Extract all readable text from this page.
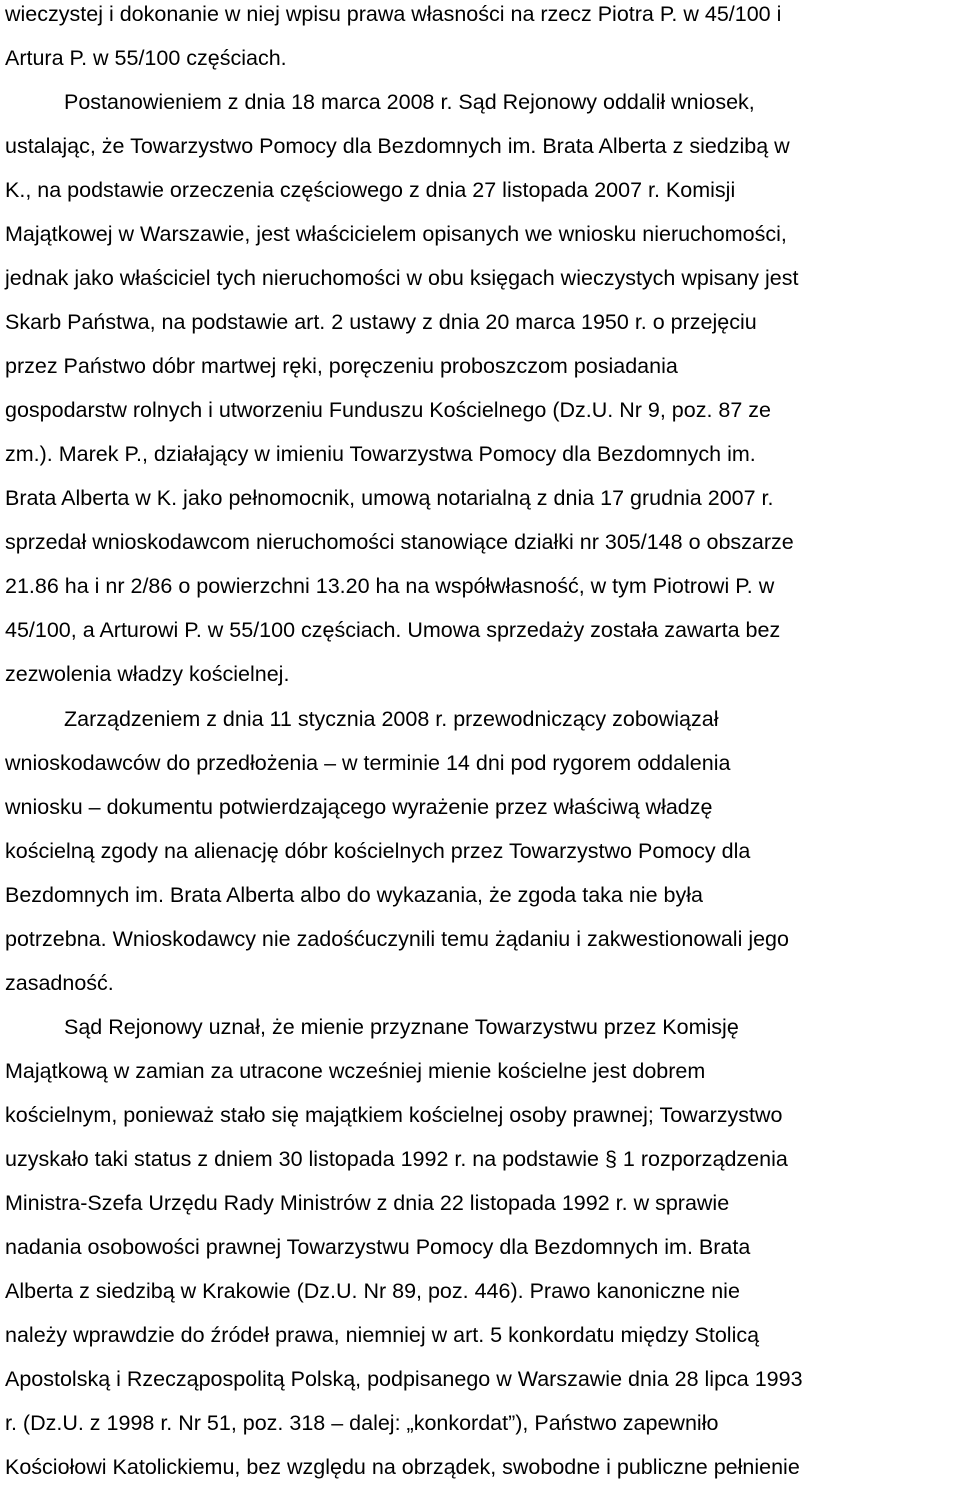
wieczystej i dokonanie w niej wpisu prawa własności na rzecz Piotra P. w 45/100 i
Artura P. w 55/100 częściach.
Postanowieniem z dnia 18 marca 2008 r. Sąd Rejonowy oddalił wniosek,
ustalając, że Towarzystwo Pomocy dla Bezdomnych im. Brata Alberta z siedzibą w
K., na podstawie orzeczenia częściowego z dnia 27 listopada 2007 r. Komisji
Majątkowej w Warszawie, jest właścicielem opisanych we wniosku nieruchomości,
jednak jako właściciel tych nieruchomości w obu księgach wieczystych wpisany jest
Skarb Państwa, na podstawie art. 2 ustawy z dnia 20 marca 1950 r. o przejęciu
przez Państwo dóbr martwej ręki, poręczeniu proboszczom posiadania
gospodarstw rolnych i utworzeniu Funduszu Kościelnego (Dz.U. Nr 9, poz. 87 ze
zm.). Marek P., działający w imieniu Towarzystwa Pomocy dla Bezdomnych im.
Brata Alberta w K. jako pełnomocnik, umową notarialną z dnia 17 grudnia 2007 r.
sprzedał wnioskodawcom nieruchomości stanowiące działki nr 305/148 o obszarze
21.86 ha i nr 2/86 o powierzchni 13.20 ha na współwłasność, w tym Piotrowi P. w
45/100, a Arturowi P. w 55/100 częściach. Umowa sprzedaży została zawarta bez
zezwolenia władzy kościelnej.
Zarządzeniem z dnia 11 stycznia 2008 r. przewodniczący zobowiązał
wnioskodawców do przedłożenia – w terminie 14 dni pod rygorem oddalenia
wniosku – dokumentu potwierdzającego wyrażenie przez właściwą władzę
kościelną zgody na alienację dóbr kościelnych przez Towarzystwo Pomocy dla
Bezdomnych im. Brata Alberta albo do wykazania, że zgoda taka nie była
potrzebna. Wnioskodawcy nie zadośćuczynili temu żądaniu i zakwestionowali jego
zasadność.
Sąd Rejonowy uznał, że mienie przyznane Towarzystwu przez Komisję
Majątkową w zamian za utracone wcześniej mienie kościelne jest dobrem
kościelnym, ponieważ stało się majątkiem kościelnej osoby prawnej; Towarzystwo
uzyskało taki status z dniem 30 listopada 1992 r. na podstawie § 1 rozporządzenia
Ministra-Szefa Urzędu Rady Ministrów z dnia 22 listopada 1992 r. w sprawie
nadania osobowości prawnej Towarzystwu Pomocy dla Bezdomnych im. Brata
Alberta z siedzibą w Krakowie (Dz.U. Nr 89, poz. 446). Prawo kanoniczne nie
należy wprawdzie do źródeł prawa, niemniej w art. 5 konkordatu między Stolicą
Apostolską i Rzecząpospolitą Polską, podpisanego w Warszawie dnia 28 lipca 1993
r. (Dz.U. z 1998 r. Nr 51, poz. 318 – dalej: „konkordat”), Państwo zapewniło
Kościołowi Katolickiemu, bez względu na obrządek, swobodne i publiczne pełnienie
